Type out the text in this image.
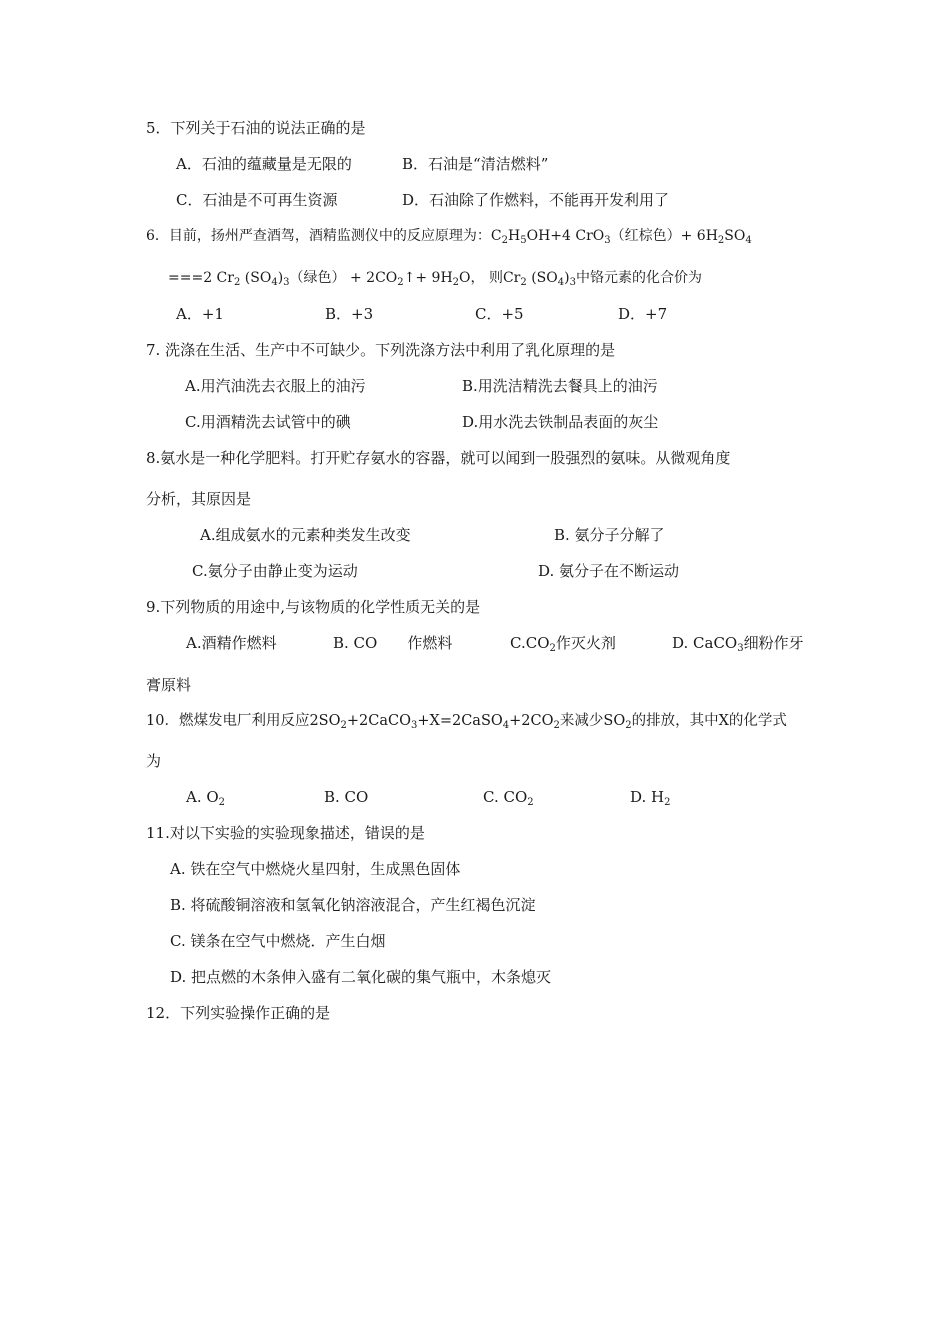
5．下列关于石油的说法正确的是
A．石油的蕴藏量是无限的	B．石油是“清洁燃料”
C．石油是不可再生资源	D．石油除了作燃料，不能再开发利用了
6．目前，扬州严查酒驾，酒精监测仪中的反应原理为：$C_2H_5OH+4$ CrO$_3$（红棕色）+ $6H_2SO_4$
===2 $Cr_2$ $(SO_4)_3$（绿色） + $2CO_2↑+ 9H_2O$， 则$Cr_2$ $(SO_4)_3$中铬元素的化合价为
A．+1	B．+3	C．+5	D．+7
7. 洗涤在生活、生产中不可缺少。下列洗涤方法中利用了乳化原理的是
A.用汽油洗去衣服上的油污	B.用洗洁精洗去餐具上的油污
C.用酒精洗去试管中的碘	D.用水洗去铁制品表面的灰尘
8.氨水是一种化学肥料。打开贮存氨水的容器，就可以闻到一股强烈的氨味。从微观角度
分析，其原因是
A.组成氨水的元素种类发生改变	B. 氨分子分解了
C.氨分子由静止变为运动	D. 氨分子在不断运动
9.下列物质的用途中,与该物质的化学性质无关的是
A.酒精作燃料	B. CO　　作燃料	$C.CO_2$作灭火剂	D. CaCO$_3$细粉作牙
膏原料
10．燃煤发电厂利用反应$2SO_2+2CaCO_3+X=2CaSO_4+2CO_2$来减少$SO_2$的排放，其中X的化学式
为
A. $O_2$	B. CO	C. $CO_2$	D. $H_2$
11.对以下实验的实验现象描述，错误的是
A. 铁在空气中燃烧火星四射，生成黑色固体
B. 将硫酸铜溶液和氢氧化钠溶液混合，产生红褐色沉淀
C. 镁条在空气中燃烧．产生白烟
D. 把点燃的木条伸入盛有二氧化碳的集气瓶中，木条熄灭
12．下列实验操作正确的是
